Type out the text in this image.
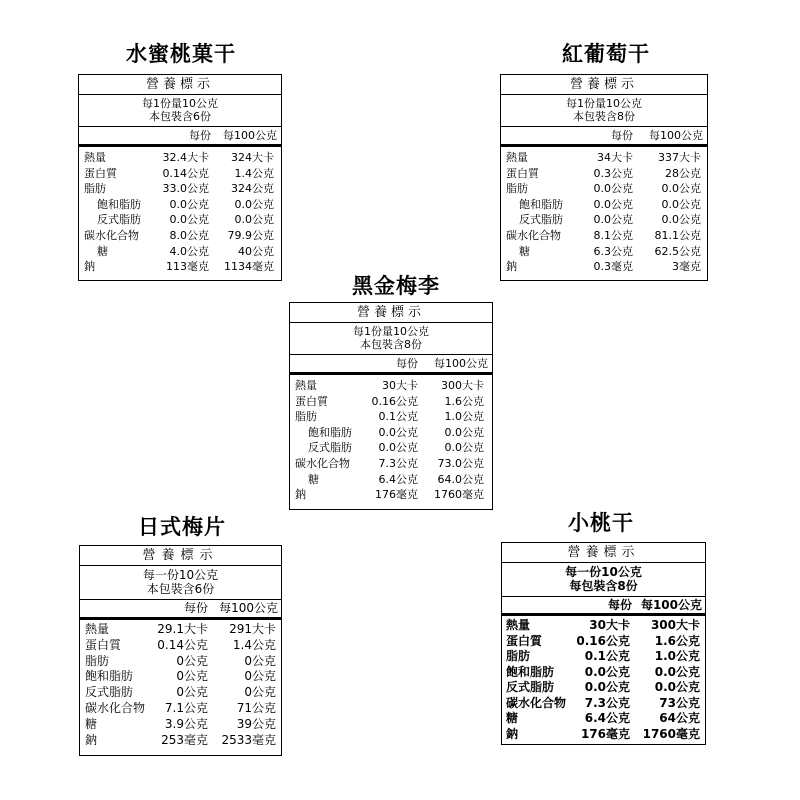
水蜜桃菓干
營養標示
每1份量10公克
本包裝含6份
每份	每100公克
熱量	32.4大卡	324大卡
蛋白質	0.14公克	1.4公克
脂肪	33.0公克	324公克
飽和脂肪	0.0公克	0.0公克
反式脂肪	0.0公克	0.0公克
碳水化合物	8.0公克	79.9公克
糖	4.0公克	40公克
鈉	113毫克	1134毫克
紅葡萄干
營養標示
每1份量10公克
本包裝含8份
每份	每100公克
熱量	34大卡	337大卡
蛋白質	0.3公克	28公克
脂肪	0.0公克	0.0公克
飽和脂肪	0.0公克	0.0公克
反式脂肪	0.0公克	0.0公克
碳水化合物	8.1公克	81.1公克
糖	6.3公克	62.5公克
鈉	0.3毫克	3毫克
黑金梅李
營養標示
每1份量10公克
本包裝含8份
每份	每100公克
熱量	30大卡	300大卡
蛋白質	0.16公克	1.6公克
脂肪	0.1公克	1.0公克
飽和脂肪	0.0公克	0.0公克
反式脂肪	0.0公克	0.0公克
碳水化合物	7.3公克	73.0公克
糖	6.4公克	64.0公克
鈉	176毫克	1760毫克
日式梅片
營養標示
每一份10公克
本包裝含6份
每份 每100公克
熱量	29.1大卡	291大卡
蛋白質	0.14公克	1.4公克
脂肪	0公克	0公克
飽和脂肪	0公克	0公克
反式脂肪	0公克	0公克
碳水化合物	7.1公克	71公克
糖	3.9公克	39公克
鈉	253毫克	2533毫克
小桃干
營養標示
每一份10公克
每包裝含8份
每份 每100公克
熱量	30大卡	300大卡
蛋白質	0.16公克	1.6公克
脂肪	0.1公克	1.0公克
飽和脂肪	0.0公克	0.0公克
反式脂肪	0.0公克	0.0公克
碳水化合物	7.3公克	73公克
糖	6.4公克	64公克
鈉	176毫克	1760毫克
